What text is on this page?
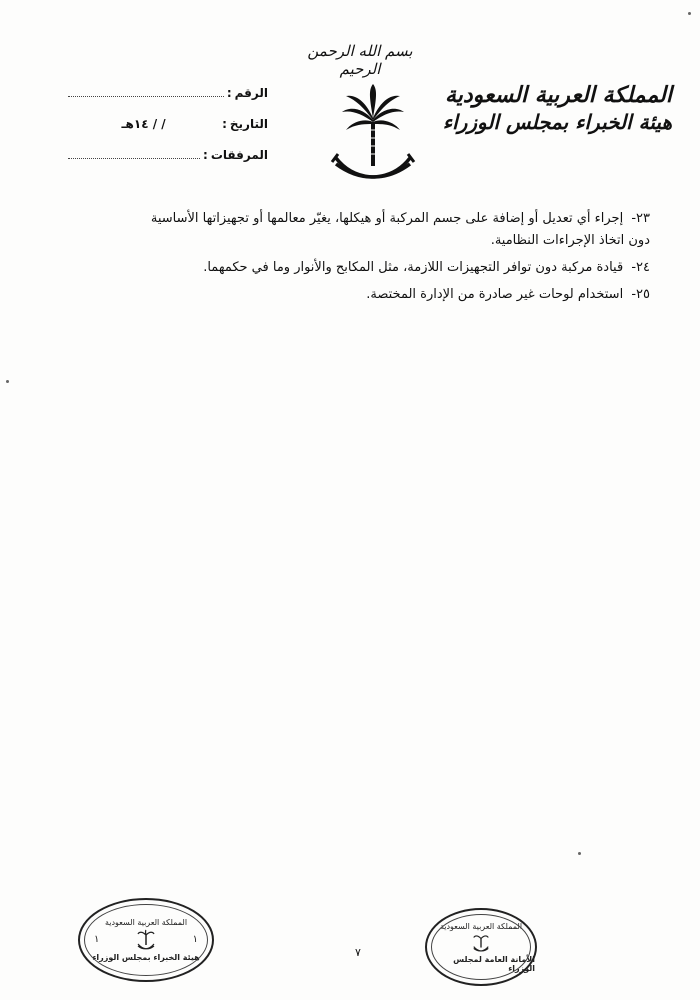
بسم الله الرحمن الرحيم
المملكة العربية السعودية
هيئة الخبراء بمجلس الوزراء
الرقم
:
التاريخ
:
/ / ١٤هـ
المرفقات
:
٢٣- إجراء أي تعديل أو إضافة على جسم المركبة أو هيكلها، يغيّر معالمها أو تجهيزاتها الأساسية
دون اتخاذ الإجراءات النظامية.
٢٤- قيادة مركبة دون توافر التجهيزات اللازمة، مثل المكابح والأنوار وما في حكمهما.
٢٥- استخدام لوحات غير صادرة من الإدارة المختصة.
المملكة العربية السعودية
هيئة الخبراء بمجلس الوزراء
١	١
المملكة العربية السعودية
الأمانة العامة لمجلس الوزراء
٧
